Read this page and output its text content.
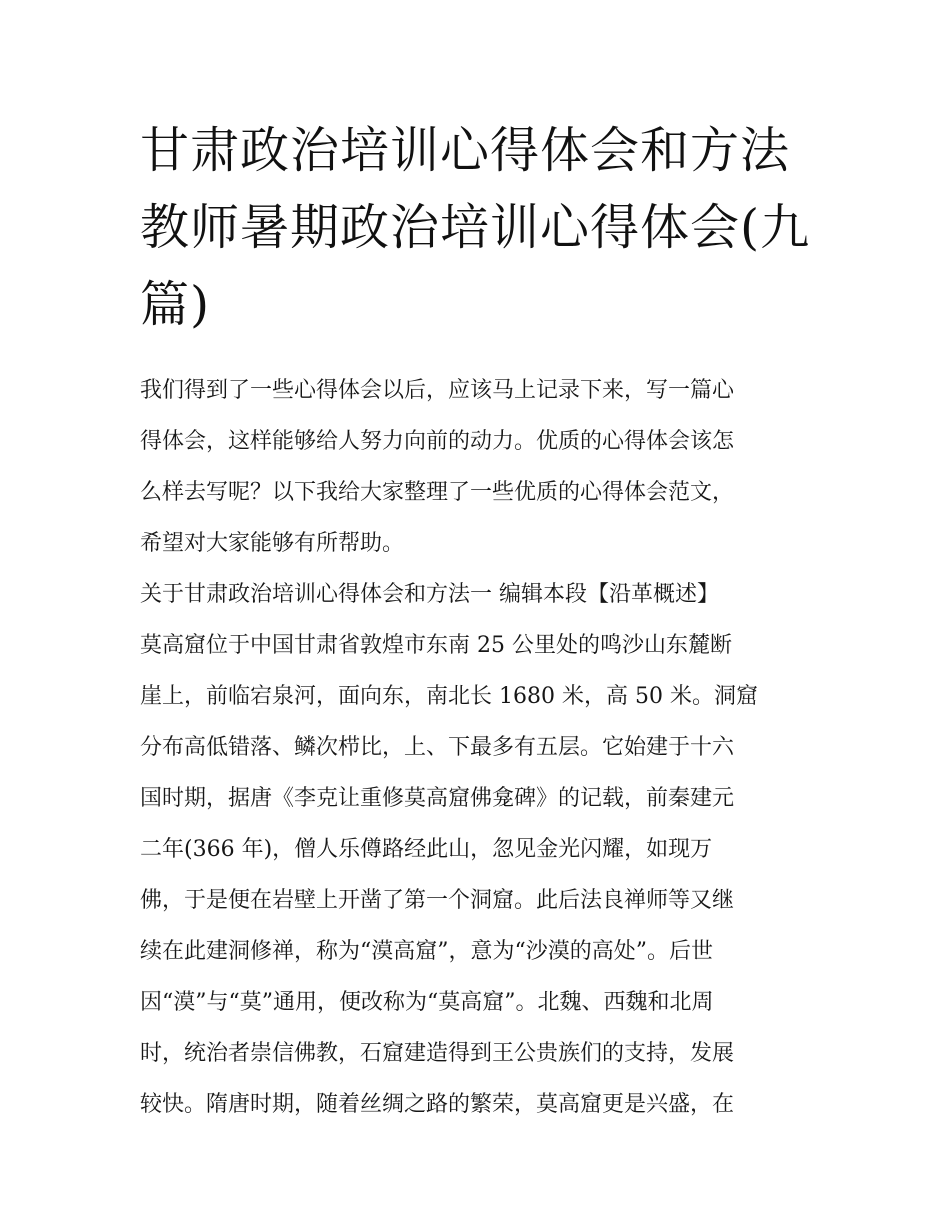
甘肃政治培训心得体会和方法
教师暑期政治培训心得体会(九
篇)
我们得到了一些心得体会以后，应该马上记录下来，写一篇心
得体会，这样能够给人努力向前的动力。优质的心得体会该怎
么样去写呢？以下我给大家整理了一些优质的心得体会范文，
希望对大家能够有所帮助。
关于甘肃政治培训心得体会和方法一 编辑本段【沿革概述】
莫高窟位于中国甘肃省敦煌市东南 25 公里处的鸣沙山东麓断
崖上，前临宕泉河，面向东，南北长 1680 米，高 50 米。洞窟
分布高低错落、鳞次栉比，上、下最多有五层。它始建于十六
国时期，据唐《李克让重修莫高窟佛龛碑》的记载，前秦建元
二年(366 年)，僧人乐僔路经此山，忽见金光闪耀，如现万
佛，于是便在岩壁上开凿了第一个洞窟。此后法良禅师等又继
续在此建洞修禅，称为“漠高窟”，意为“沙漠的高处”。后世
因“漠”与“莫”通用，便改称为“莫高窟”。北魏、西魏和北周
时，统治者崇信佛教，石窟建造得到王公贵族们的支持，发展
较快。隋唐时期，随着丝绸之路的繁荣，莫高窟更是兴盛，在
